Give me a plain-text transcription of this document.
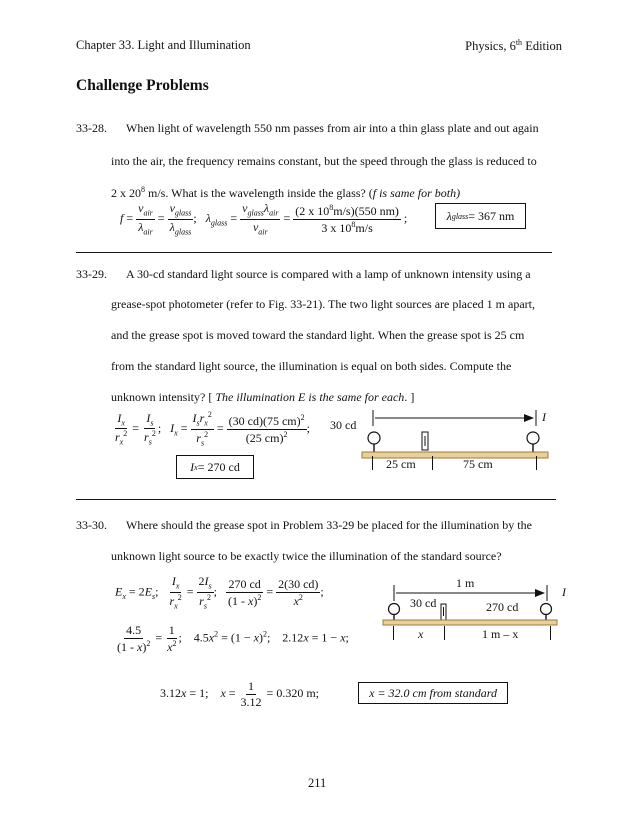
Chapter 33. Light and Illumination	Physics, 6th Edition
Challenge Problems
33-28. When light of wavelength 550 nm passes from air into a thin glass plate and out again
into the air, the frequency remains constant, but the speed through the glass is reduced to
2 x $20^8$ m/s. What is the wavelength inside the glass? (f is same for both)
$f = \frac{v_{air}}{\lambda_{air}} = \frac{v_{glass}}{\lambda_{glass}}$ ;   $\lambda_{glass} = \frac{v_{glass}\lambda_{air}}{v_{air}} = \frac{(2 x 10^8m/s)(550 nm)}{3 x 10^8m/s}$ ;	λ glass = 367 nm
33-29. A 30-cd standard light source is compared with a lamp of unknown intensity using a
grease-spot photometer (refer to Fig. 33-21). The two light sources are placed 1 m apart,
and the grease spot is moved toward the standard light. When the grease spot is 25 cm
from the standard light source, the illumination is equal on both sides. Compute the
unknown intensity? [ The illumination E is the same for each. ]
$\frac{I_x}{r_x^2} = \frac{I_s}{r_s^2}$ ;   $I_x = \frac{I_sr_x^2}{r_s^2} = \frac{(30 cd)(75 cm)^2}{(25 cm)^2}$ ;
I x = 270 cd
30 cd
I
25 cm	75 cm
33-30. Where should the grease spot in Problem 33-29 be placed for the illumination by the
unknown light source to be exactly twice the illumination of the standard source?
$E_x = 2E_s$; $\frac{I_x}{r_x^2} = \frac{2I_s}{r_s^2}$ ; $\frac{270 cd}{(1 - x)^2} = \frac{2(30 cd)}{x^2}$ ;
$\frac{4.5}{(1 - x)^2} = \frac{1}{x^2}$ ;    $4.5x^2 = (1 - x)^2$;    2.12x = 1 − x;
3.12x = 1;    $x = \frac{1}{3.12} = 0.320$ m;	x = 32.0 cm
from standard
1 m
I
30 cd	270 cd
x	1 m – x
211
